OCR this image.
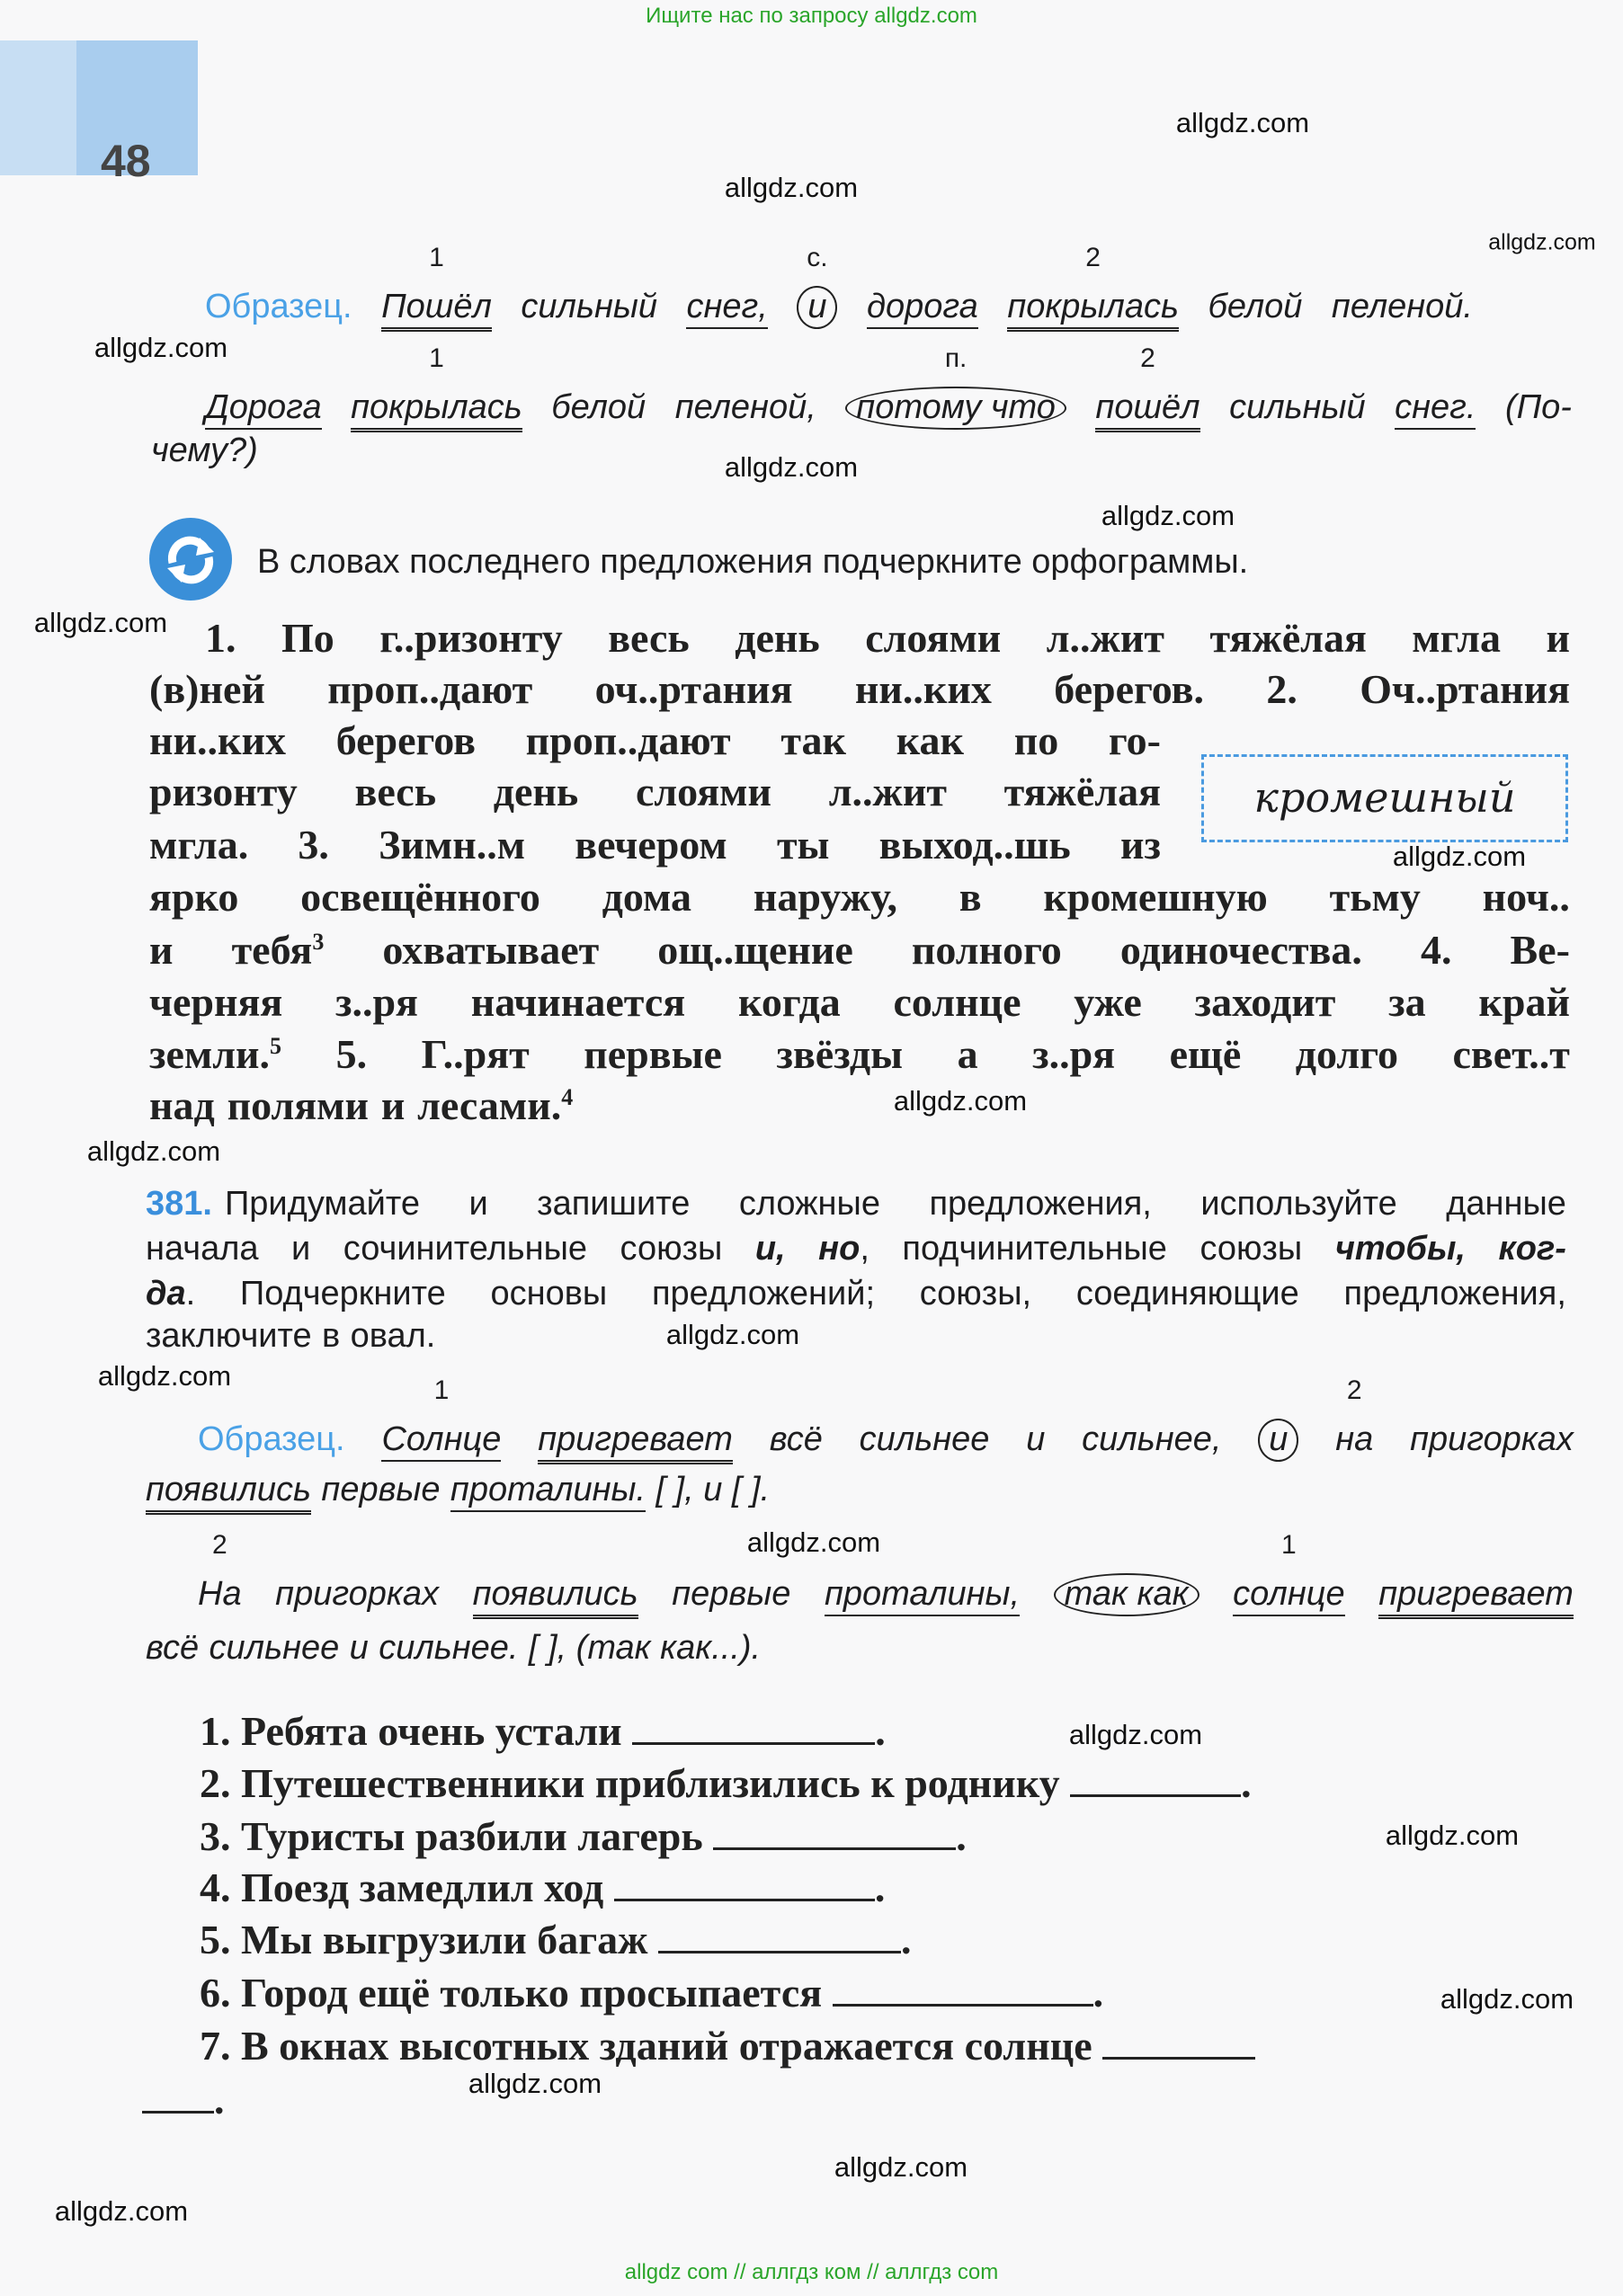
Ищите нас по запросу allgdz.com
48
Образец. Пошёл
1
сильный снег,	и
с.
дорога покрылась
2
белой пеленой.
Дорога покрылась
1
белой пеленой,	потому что
п.
пошёл
2
сильный снег. (По-
чему?)
В словах последнего предложения подчеркните орфограммы.
1. По г..ризонту весь день слоями л..жит тяжёлая мгла и
(в)ней проп..дают оч..ртания ни..ких берегов. 2. Оч..ртания
ни..ких берегов проп..дают так как по го-
ризонту весь день слоями л..жит тяжёлая
мгла. 3. Зимн..м вечером ты выход..шь из
ярко освещённого дома наружу, в кромешную тьму ноч..
и тебя3 охватывает ощ..щение полного одиночества. 4. Ве-
черняя з..ря начинается когда солнце уже заходит за край
земли.5 5. Г..рят первые звёзды а з..ря ещё долго свет..т
над полями и лесами.4
кромешный
381. Придумайте и запишите сложные предложения, используйте данные
начала и сочинительные союзы и, но, подчинительные союзы чтобы, ког-
да. Подчеркните основы предложений; союзы, соединяющие предложения,
заключите в овал.
Образец. Солнце
1
пригревает всё сильнее и сильнее,	и	на
2
пригорках
появились первые проталины. [ ], и [ ].
На
2
пригорках появились первые проталины,	так как	солнце
1
пригревает
всё сильнее и сильнее. [ ], (так как...).
1. Ребята очень устали	.
2. Путешественники приблизились к роднику	.
3. Туристы разбили лагерь	.
4. Поезд замедлил ход	.
5. Мы выгрузили багаж	.
6. Город ещё только просыпается	.
7. В окнах высотных зданий отражается солнце
.
allgdz.com
allgdz.com
allgdz.com
allgdz.com
allgdz.com
allgdz.com
allgdz.com
allgdz.com
allgdz.com
allgdz.com
allgdz.com
allgdz.com
allgdz.com
allgdz.com
allgdz.com
allgdz.com
allgdz.com
allgdz.com
allgdz.com
allgdz com // аллгдз ком // аллгдз com
